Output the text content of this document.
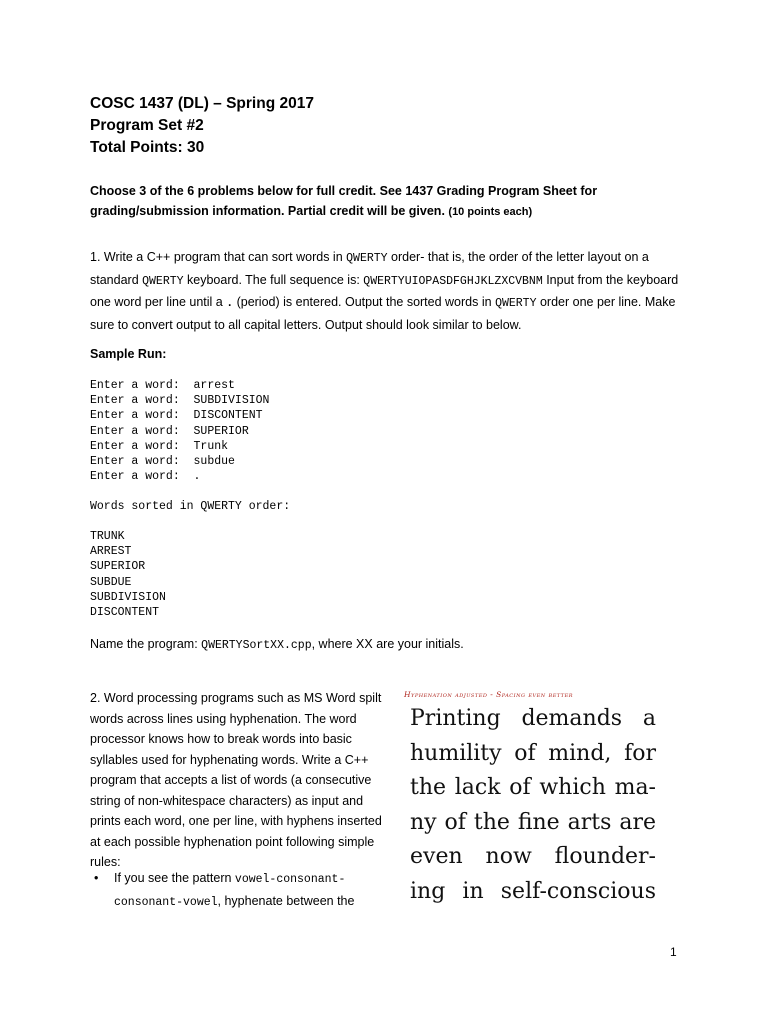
COSC 1437 (DL) – Spring 2017

Program Set #2

Total Points: 30

Choose 3 of the 6 problems below for full credit. See 1437 Grading Program Sheet for grading/submission information. Partial credit will be given. (10 points each)
1. Write a C++ program that can sort words in QWERTY order- that is, the order of the letter layout on a standard QWERTY keyboard. The full sequence is: QWERTYUIOPASDFGHJKLZXCVBNM Input from the keyboard one word per line until a . (period) is entered. Output the sorted words in QWERTY order one per line. Make sure to convert output to all capital letters. Output should look similar to below.
Sample Run:
Enter a word:  arrest
Enter a word:  SUBDIVISION
Enter a word:  DISCONTENT
Enter a word:  SUPERIOR
Enter a word:  Trunk
Enter a word:  subdue
Enter a word:  .
Words sorted in QWERTY order:
TRUNK
ARREST
SUPERIOR
SUBDUE
SUBDIVISION
DISCONTENT
Name the program: QWERTYSortXX.cpp, where XX are your initials.
2. Word processing programs such as MS Word spilt words across lines using hyphenation. The word processor knows how to break words into basic syllables used for hyphenating words. Write a C++ program that accepts a list of words (a consecutive string of non-whitespace characters) as input and prints each word, one per line, with hyphens inserted at each possible hyphenation point following simple rules:
• If you see the pattern vowel-consonant-consonant-vowel, hyphenate between the
Hyphenation adjusted - Spacing even better
Printing demands a
humility of mind, for
the lack of which ma-
ny of the fine arts are
even now flounder-
ing in self-conscious
1
